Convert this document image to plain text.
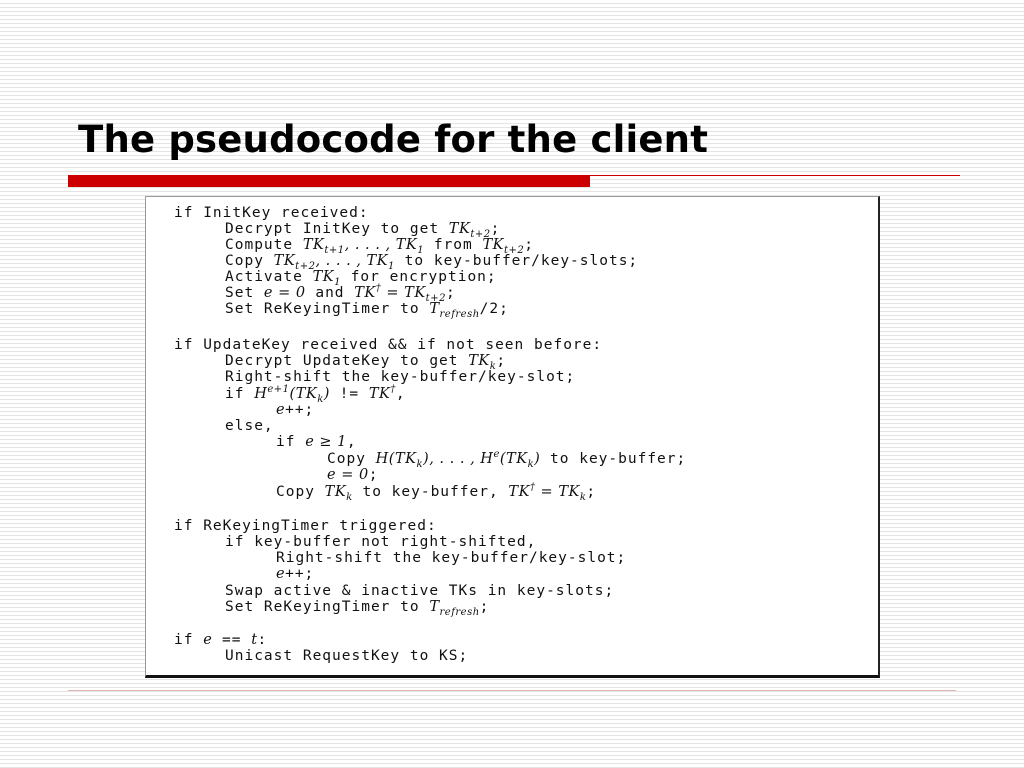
The pseudocode for the client
if InitKey received:
Decrypt InitKey to get $TK_{t+2}$;
Compute $TK_{t+1}$, . . . , $TK_1$ from $TK_{t+2}$;
Copy $TK_{t+2}$, . . . , $TK_1$ to key-buffer/key-slots;
Activate $TK_1$ for encryption;
Set e = 0 and $TK^\dagger = TK_{t+2}$;
Set ReKeyingTimer to $T_{refresh}/2$;
if UpdateKey received && if not seen before:
Decrypt UpdateKey to get $TK_k$;
Right-shift the key-buffer/key-slot;
if $H^{e+1}(TK_k)$ != TK†,
e++;
else,
if e ≥ 1,
Copy $H(TK_k)$, . . . , $H^e(TK_k)$ to key-buffer;
e = 0;
Copy $TK_k$ to key-buffer, $TK^\dagger = TK_k$;
if ReKeyingTimer triggered:
if key-buffer not right-shifted,
Right-shift the key-buffer/key-slot;
e++;
Swap active & inactive TKs in key-slots;
Set ReKeyingTimer to $T_{refresh}$;
if e == t:
Unicast RequestKey to KS;
